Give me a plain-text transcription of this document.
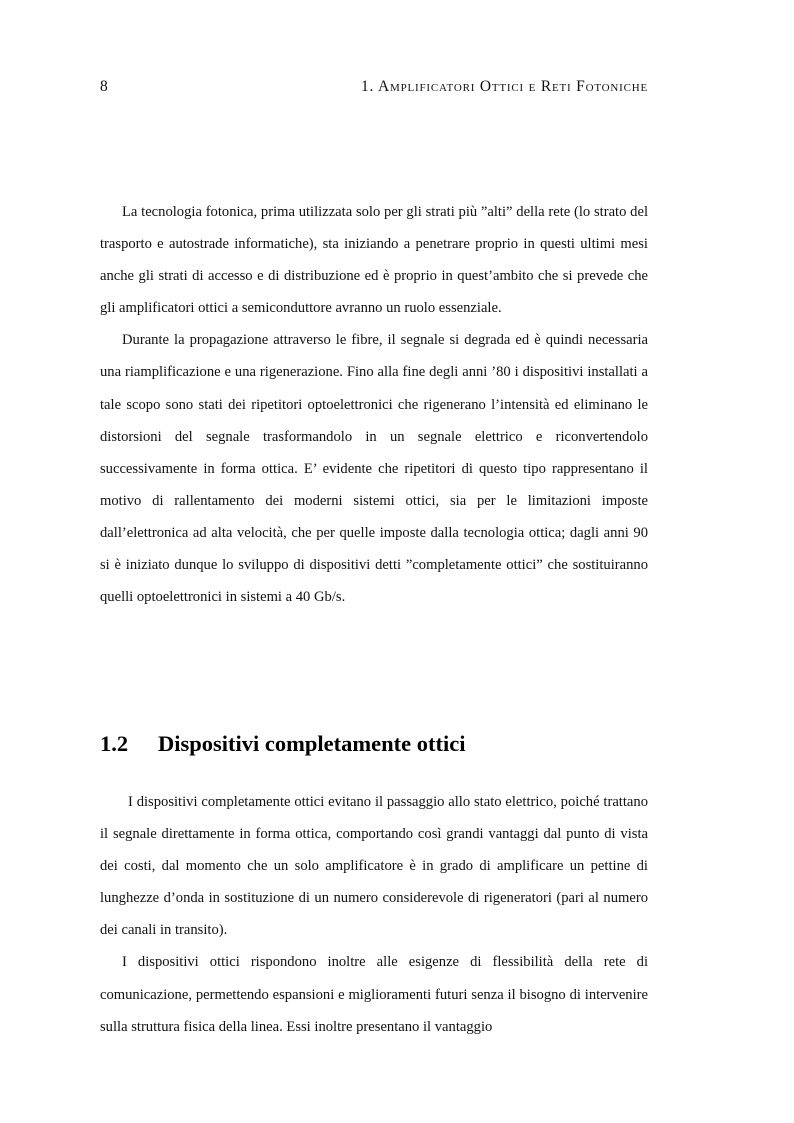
8	1. Amplificatori Ottici e Reti Fotoniche

La tecnologia fotonica, prima utilizzata solo per gli strati più ”alti” della rete (lo strato del trasporto e autostrade informatiche), sta iniziando a penetrare proprio in questi ultimi mesi anche gli strati di accesso e di distribuzione ed è proprio in quest’ambito che si prevede che gli amplificatori ottici a semiconduttore avranno un ruolo essenziale.

Durante la propagazione attraverso le fibre, il segnale si degrada ed è quindi necessaria una riamplificazione e una rigenerazione. Fino alla fine degli anni ’80 i dispositivi installati a tale scopo sono stati dei ripetitori optoelettronici che rigenerano l’intensità ed eliminano le distorsioni del segnale trasformandolo in un segnale elettrico e riconvertendolo successivamente in forma ottica. E’ evidente che ripetitori di questo tipo rappresentano il motivo di rallentamento dei moderni sistemi ottici, sia per le limitazioni imposte dall’elettronica ad alta velocità, che per quelle imposte dalla tecnologia ottica; dagli anni 90 si è iniziato dunque lo sviluppo di dispositivi detti ”completamente ottici” che sostituiranno quelli optoelettronici in sistemi a 40 Gb/s.

1.2	Dispositivi completamente ottici

I dispositivi completamente ottici evitano il passaggio allo stato elettrico, poiché trattano il segnale direttamente in forma ottica, comportando così grandi vantaggi dal punto di vista dei costi, dal momento che un solo amplificatore è in grado di amplificare un pettine di lunghezze d’onda in sostituzione di un numero considerevole di rigeneratori (pari al numero dei canali in transito).

I dispositivi ottici rispondono inoltre alle esigenze di flessibilità della rete di comunicazione, permettendo espansioni e miglioramenti futuri senza il bisogno di intervenire sulla struttura fisica della linea. Essi inoltre presentano il vantaggio
